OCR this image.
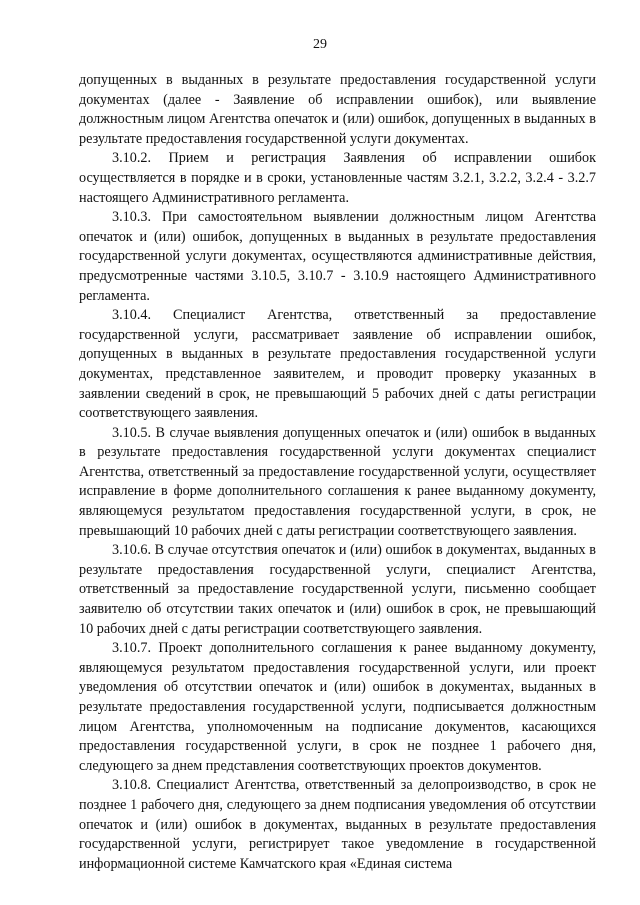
29

допущенных в выданных в результате предоставления государственной услуги документах (далее - Заявление об исправлении ошибок), или выявление должностным лицом Агентства опечаток и (или) ошибок, допущенных в выданных в результате предоставления государственной услуги документах.

3.10.2. Прием и регистрация Заявления об исправлении ошибок осуществляется в порядке и в сроки, установленные частям 3.2.1, 3.2.2, 3.2.4 - 3.2.7 настоящего Административного регламента.

3.10.3. При самостоятельном выявлении должностным лицом Агентства опечаток и (или) ошибок, допущенных в выданных в результате предоставления государственной услуги документах, осуществляются административные действия, предусмотренные частями 3.10.5, 3.10.7 - 3.10.9 настоящего Административного регламента.

3.10.4. Специалист Агентства, ответственный за предоставление государственной услуги, рассматривает заявление об исправлении ошибок, допущенных в выданных в результате предоставления государственной услуги документах, представленное заявителем, и проводит проверку указанных в заявлении сведений в срок, не превышающий 5 рабочих дней с даты регистрации соответствующего заявления.

3.10.5. В случае выявления допущенных опечаток и (или) ошибок в выданных в результате предоставления государственной услуги документах специалист Агентства, ответственный за предоставление государственной услуги, осуществляет исправление в форме дополнительного соглашения к ранее выданному документу, являющемуся результатом предоставления государственной услуги, в срок, не превышающий 10 рабочих дней с даты регистрации соответствующего заявления.

3.10.6. В случае отсутствия опечаток и (или) ошибок в документах, выданных в результате предоставления государственной услуги, специалист Агентства, ответственный за предоставление государственной услуги, письменно сообщает заявителю об отсутствии таких опечаток и (или) ошибок в срок, не превышающий 10 рабочих дней с даты регистрации соответствующего заявления.

3.10.7. Проект дополнительного соглашения к ранее выданному документу, являющемуся результатом предоставления государственной услуги, или проект уведомления об отсутствии опечаток и (или) ошибок в документах, выданных в результате предоставления государственной услуги, подписывается должностным лицом Агентства, уполномоченным на подписание документов, касающихся предоставления государственной услуги, в срок не позднее 1 рабочего дня, следующего за днем представления соответствующих проектов документов.

3.10.8. Специалист Агентства, ответственный за делопроизводство, в срок не позднее 1 рабочего дня, следующего за днем подписания уведомления об отсутствии опечаток и (или) ошибок в документах, выданных в результате предоставления государственной услуги, регистрирует такое уведомление в государственной информационной системе Камчатского края «Единая система
